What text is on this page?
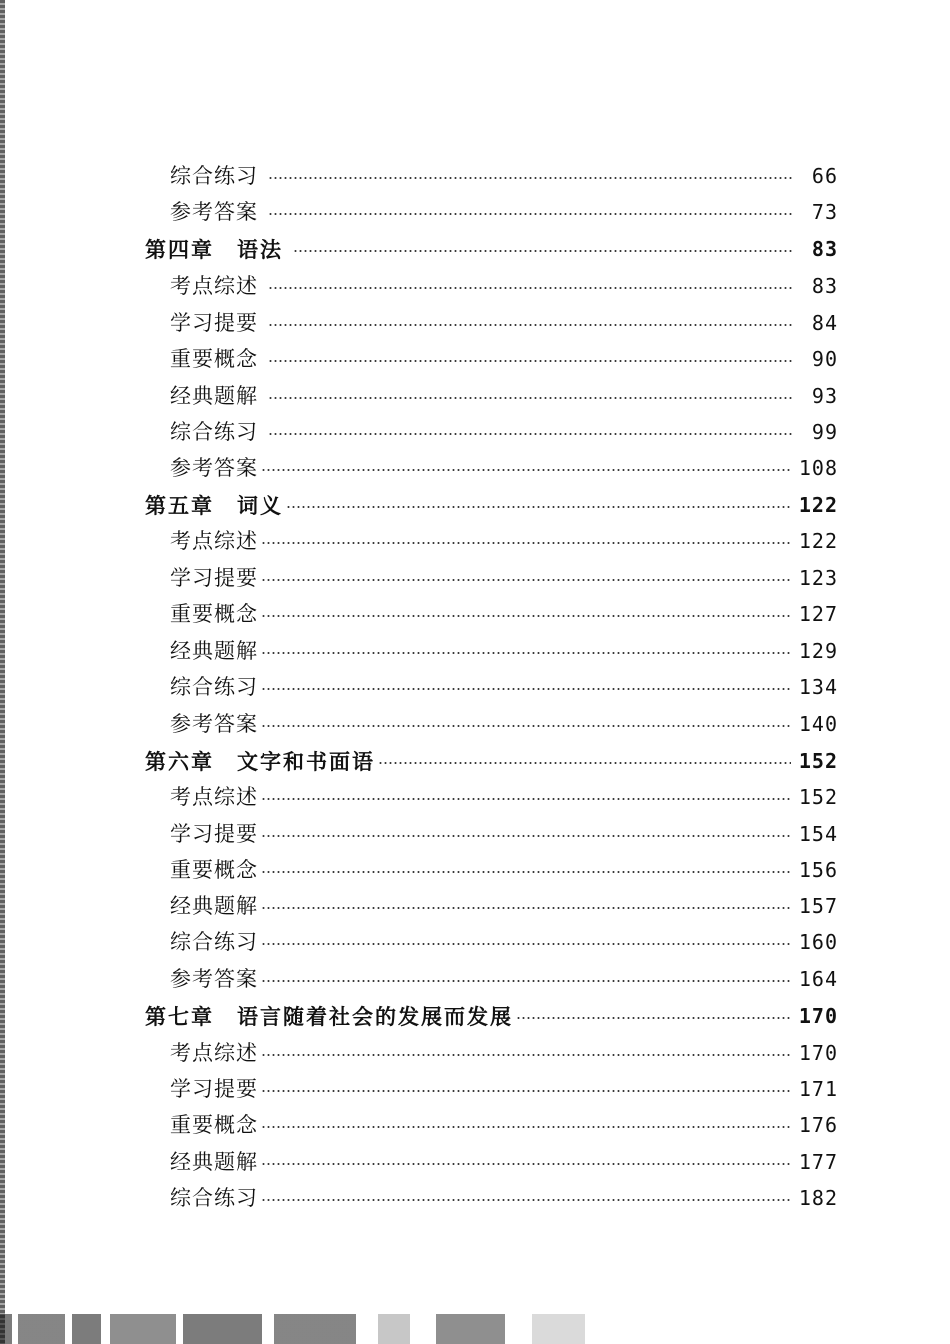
综合练习	66
参考答案	73
第四章　语法	83
考点综述	83
学习提要	84
重要概念	90
经典题解	93
综合练习	99
参考答案	108
第五章　词义	122
考点综述	122
学习提要	123
重要概念	127
经典题解	129
综合练习	134
参考答案	140
第六章　文字和书面语	152
考点综述	152
学习提要	154
重要概念	156
经典题解	157
综合练习	160
参考答案	164
第七章　语言随着社会的发展而发展	170
考点综述	170
学习提要	171
重要概念	176
经典题解	177
综合练习	182
